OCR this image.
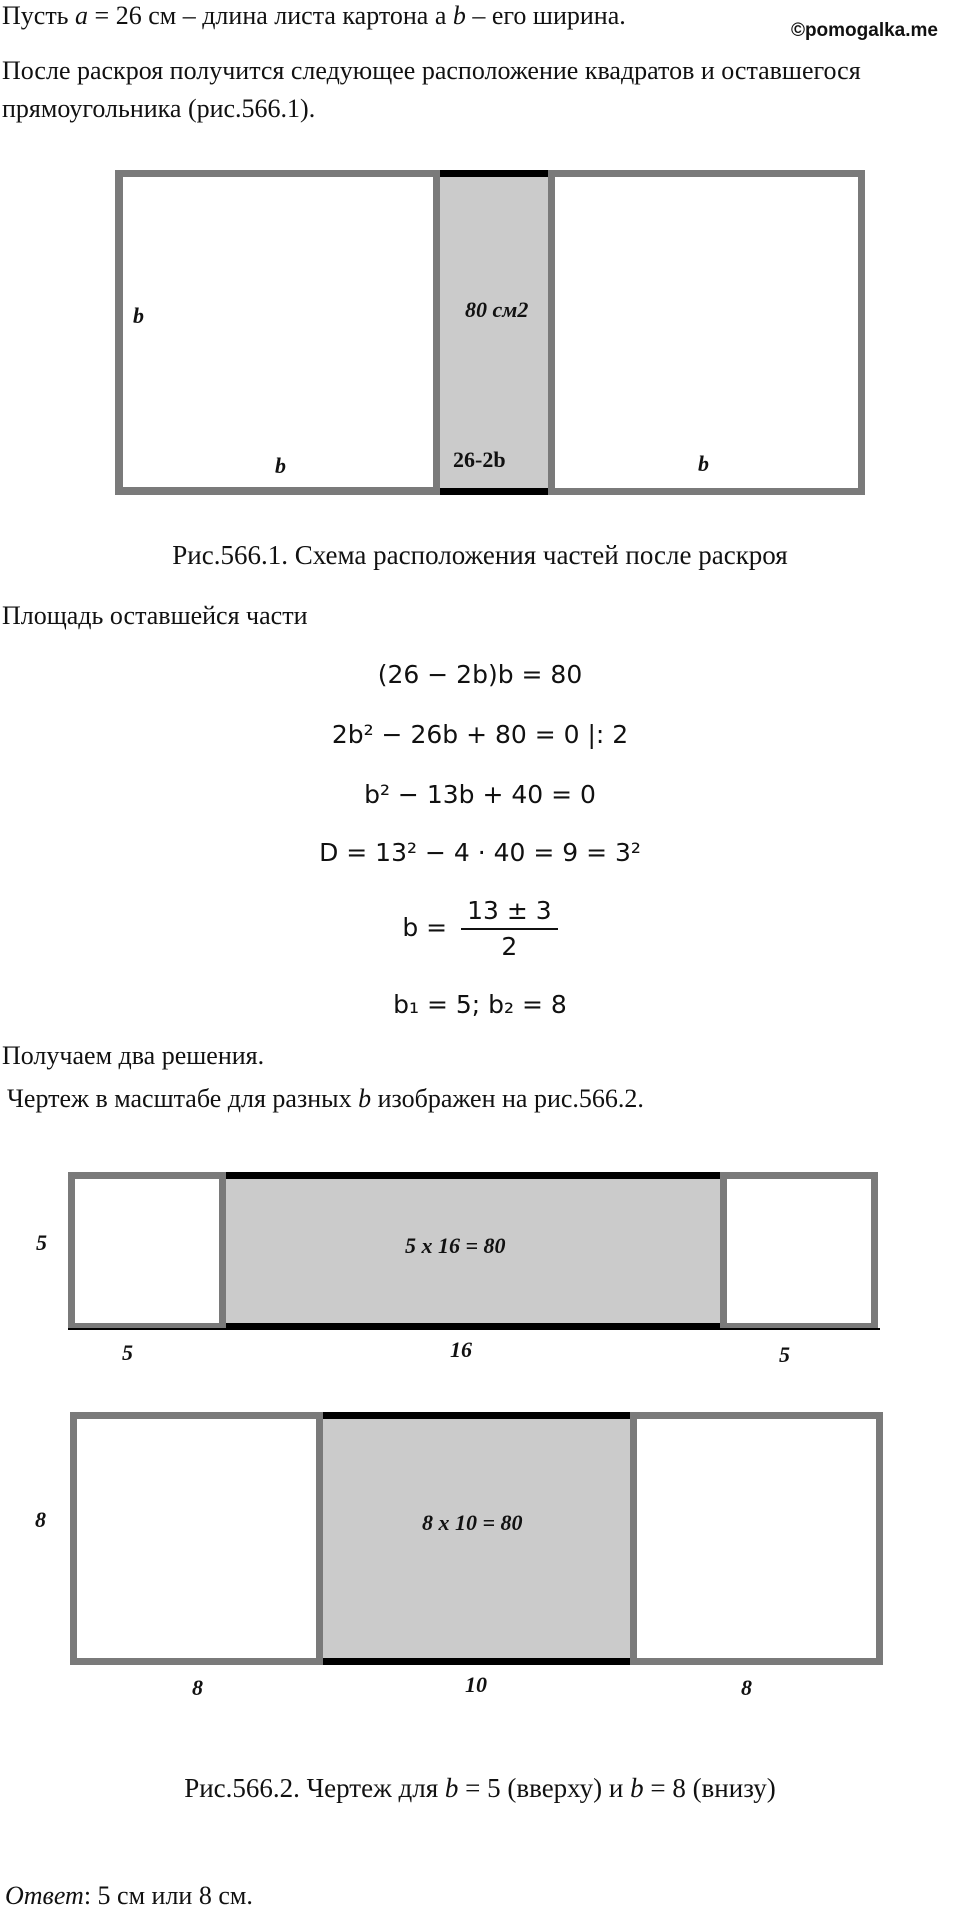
©pomogalka.me
Пусть a = 26 см – длина листа картона а b – его ширина.
После раскроя получится следующее расположение квадратов и оставшегося
прямоугольника (рис.566.1).
b
b
80 см2
26-2b	b
Рис.566.1. Схема расположения частей после раскроя
Площадь оставшейся части
(26 − 2b)b = 80
2b² − 26b + 80 = 0 |: 2
b² − 13b + 40 = 0
D = 13² − 4 · 40 = 9 = 3²
$b = \frac{13 \pm 3}{2}$
b₁ = 5; b₂ = 8
Получаем два решения.
Чертеж в масштабе для разных b изображен на рис.566.2.
5
5	16	5
5 x 16 = 80
8
8	10	8
8 x 10 = 80
Рис.566.2. Чертеж для b = 5 (вверху) и b = 8 (внизу)
Ответ: 5 см или 8 см.
